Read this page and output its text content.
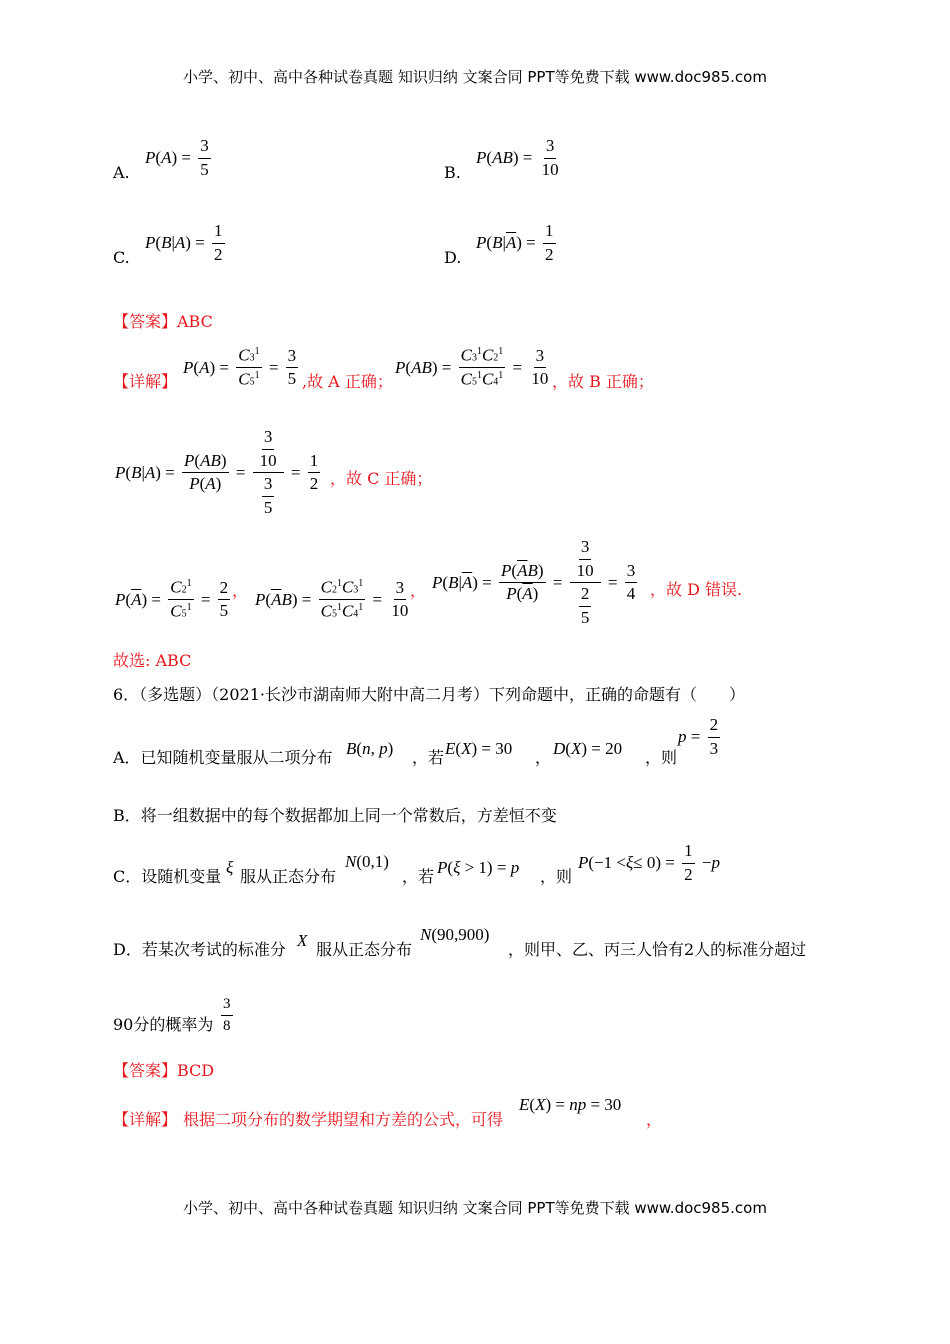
小学、初中、高中各种试卷真题 知识归纳 文案合同 PPT等免费下载 www.doc985.com
A.
P ( A ) = $\frac{3}{5}$	B.
P ( AB ) = $\frac{3}{10}$
C.
P ( B | A ) = $\frac{1}{2}$	D.
P ( B | $\overline{A}$ ) = $\frac{1}{2}$
【答案】ABC
【详解】
P ( A ) = $\frac{C3^1}{C5^1} = \frac{3}{5}$ ,故 A 正确；
P ( AB ) = $\frac{C3^1C2^1}{C5^1C4^1} = \frac{3}{10}$ ，故 B 正确；
P ( B | A ) = $\frac{P(AB)}{P(A)} = \frac{\frac{3}{10}}{\frac{3}{5}} = \frac{1}{2}$ ，故 C 正确；
P ( $\overline{A}$ ) = $\frac{C2^1}{C5^1} = \frac{2}{5}$ ， P ( $\overline{A}$ B ) = $\frac{C2^1C3^1}{C5^1C4^1} = \frac{3}{10}$ ， P ( B | $\overline{A}$ ) = $\frac{P(\overline{A}B)}{P(\overline{A})} = \frac{\frac{3}{10}}{\frac{2}{5}} = \frac{3}{4}$ ，故 D 错误.
故选: ABC
6．（多选题）（2021·长沙市湖南师大附中高二月考）下列命题中，正确的命题有（　　）
A．已知随机变量服从二项分布 B(n, p) ，若 E(X) = 30 ， D(X) = 20 ，则
$p = \frac{2}{3}$
B．将一组数据中的每个数据都加上同一个常数后，方差恒不变
C．设随机变量 ξ 服从正态分布
N(0,1)
，若 P(ξ > 1) = p ，则
P $(-1 < \xi \le 0) = \frac{1}{2} - p$
D．若某次考试的标准分 X 服从正态分布
N(90,900)
，则甲、乙、丙三人恰有2人的标准分超过
90分的概率为 $\frac{3}{8}$
【答案】BCD
【详解】 根据二项分布的数学期望和方差的公式，可得
E(X) = np = 30
，
小学、初中、高中各种试卷真题 知识归纳 文案合同 PPT等免费下载 www.doc985.com
